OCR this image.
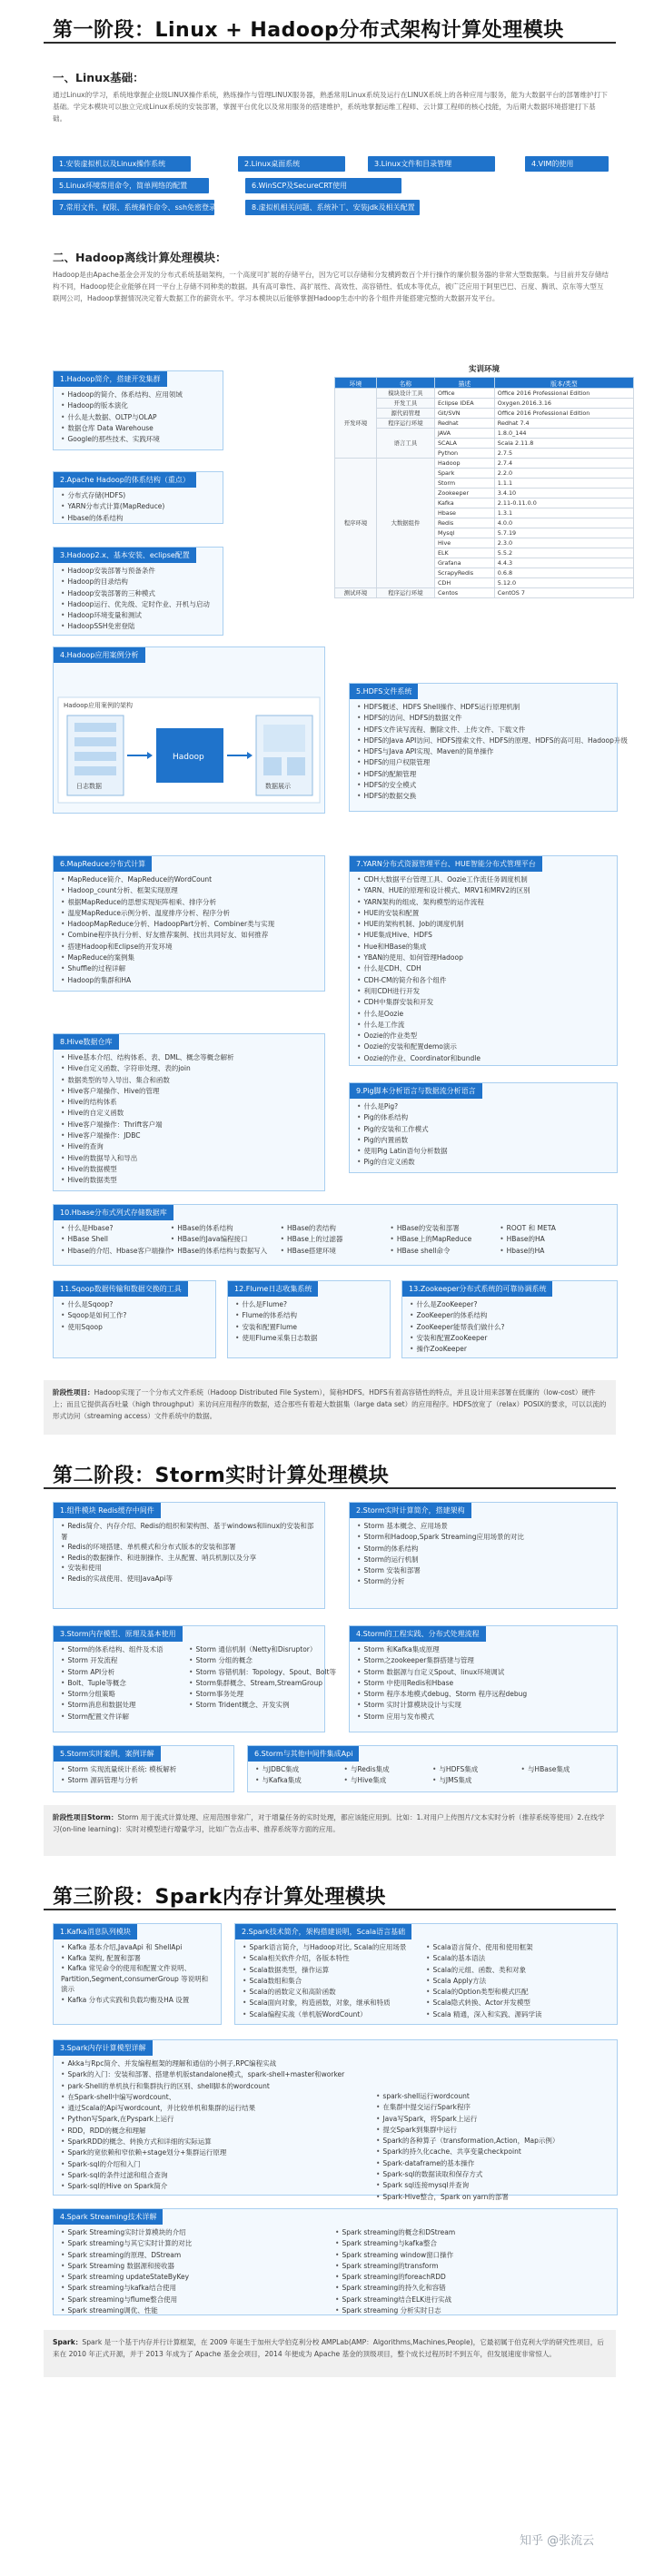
第一阶段：Linux + Hadoop分布式架构计算处理模块
一、Linux基础：
通过Linux的学习，系统地掌握企业级LINUX操作系统，熟练操作与管理LINUX服务器，熟悉常用Linux系统及运行在LINUX系统上的各种应用与服务，能为大数据平台的部署维护打下基础。学完本模块可以独立完成Linux系统的安装部署，掌握平台优化以及常用服务的搭建维护，系统地掌握运维工程师、云计算工程师的核心技能，为后期大数据环境搭建打下基础。
1.安装虚拟机以及Linux操作系统	2.Linux桌面系统	3.Linux文件和目录管理	4.VIM的使用
5.Linux环境常用命令，简单网络的配置	6.WinSCP及SecureCRT使用
7.常用文件、权限、系统操作命令、ssh免密登录	8.虚拟机相关问题、系统补丁、安装jdk及相关配置
二、Hadoop离线计算处理模块：
Hadoop是由Apache基金会开发的分布式系统基础架构，一个高度可扩展的存储平台，因为它可以存储和分发横跨数百个并行操作的廉价服务器的非常大型数据集。与目前并发存储结构不同，Hadoop使企业能够在同一平台上存储不同种类的数据。具有高可靠性、高扩展性、高效性、高容错性、低成本等优点，被广泛应用于阿里巴巴、百度、腾讯、京东等大型互联网公司，Hadoop掌握情况决定着大数据工作的薪资水平。学习本模块以后能够掌握Hadoop生态中的各个组件并能搭建完整的大数据开发平台。
实训环境
环境	名称	描述	版本/类型
开发环境	模块设计工具	Office	Office 2016 Professional Edition
	开发工具	Eclipse IDEA	Oxygen.2016.3.16
	源代码管理	Git/SVN	Office 2016 Professional Edition
	程序运行环境	Redhat	Redhat 7.4
	语言工具	JAVA	1.8.0_144
		SCALA	Scala 2.11.8
		Python	2.7.5
程序环境	大数据组件	Hadoop	2.7.4
		Spark	2.2.0
		Storm	1.1.1
		Zookeeper	3.4.10
		Kafka	2.11-0.11.0.0
		Hbase	1.3.1
		Redis	4.0.0
		Mysql	5.7.19
		Hive	2.3.0
		ELK	5.5.2
		Grafana	4.4.3
		ScrapyRedis	0.6.8
		CDH	5.12.0
测试环境	程序运行环境	Centos	CentOS 7
1.Hadoop简介，搭建开发集群
• Hadoop的简介、体系结构、应用领域
• Hadoop的版本演化
• 什么是大数据、OLTP与OLAP
• 数据仓库 Data Warehouse
• Google的那些技术、实践环境
2.Apache Hadoop的体系结构（重点）
• 分布式存储(HDFS)
• YARN分布式计算(MapReduce)
• Hbase的体系结构
3.Hadoop2.x、基本安装、eclipse配置
• Hadoop安装部署与预备条件
• Hadoop的目录结构
• Hadoop安装部署的三种模式
• Hadoop运行、优先级、定时作业、开机与启动
• Hadoop环境变量和测试
• HadoopSSH免密登陆
4.Hadoop应用案例分析
Hadoop应用案例的架构
日志数据
Hadoop
数据展示
5.HDFS文件系统
• HDFS概述、HDFS Shell操作、HDFS运行原理机制
• HDFS的访问、HDFS的数据文件
• HDFS文件读写流程、删除文件、上传文件、下载文件
• HDFS的Java API访问、HDFS搜索文件、HDFS的原理、HDFS的高可用、Hadoop升级
• HDFS与Java API实现、Maven的简单操作
• HDFS的用户权限管理
• HDFS的配额管理
• HDFS的安全模式
• HDFS的数据交换
6.MapReduce分布式计算
• MapReduce简介、MapReduce的WordCount
• Hadoop_count分析、框架实现原理
• 根据MapReduce的思想实现矩阵相乘、排序分析
• 温度MapReduce示例分析、温度排序分析、程序分析
• HadoopMapReduce分析、HadoopPart分析、Combiner类与实现
• Combine程序执行分析、好友推荐案例、找出共同好友、如何推荐
• 搭建Hadoop和Eclipse的开发环境
• MapReduce的案例集
• Shuffle的过程详解
• Hadoop的集群和HA
7.YARN分布式资源管理平台、HUE智能分布式管理平台
• CDH大数据平台管理工具、Oozie工作流任务调度机制
• YARN、HUE的原理和设计模式、MRV1和MRV2的区别
• YARN架构的组成、架构模型的运作流程
• HUE的安装和配置
• HUE的架构机制、Job的调度机制
• HUE集成Hive、HDFS
• Hue和HBase的集成
• YBAN的使用、如何管理Hadoop
• 什么是CDH、CDH
• CDH-CM的简介和各个组件
• 利用CDH进行开发
• CDH中集群安装和开发
• 什么是Oozie
• 什么是工作流
• Oozie的作业类型
• Oozie的安装和配置demo演示
• Oozie的作业、Coordinator和bundle
8.Hive数据仓库
• Hive基本介绍、结构体系、表、DML、概念等概念解析
• Hive自定义函数、字符串处理、表的join
• 数据类型的导入导出、集合和函数
• Hive客户端操作、Hive的管理
• Hive的结构体系
• Hive的自定义函数
• Hive客户端操作：Thrift客户端
• Hive客户端操作：JDBC
• Hive的查询
• Hive的数据导入和导出
• Hive的数据模型
• Hive的数据类型
9.Pig脚本分析语言与数据流分析语言
• 什么是Pig?
• Pig的体系结构
• Pig的安装和工作模式
• Pig的内置函数
• 使用Pig Latin语句分析数据
• Pig的自定义函数
10.Hbase分布式列式存储数据库
• 什么是Hbase?
• HBase Shell
• Hbase的介绍、Hbase客户端操作
• HBase的体系结构
• HBase的Java编程接口
• HBase的体系结构与数据写入
• HBase的表结构
• HBase上的过滤器
• HBase搭建环境
• HBase的安装和部署
• HBase上的MapReduce
• HBase shell命令
• ROOT 和 META
• HBase的HA
• Hbase的HA
11.Sqoop数据传输和数据交换的工具
• 什么是Sqoop?
• Sqoop是如何工作?
• 使用Sqoop
12.Flume日志收集系统
• 什么是Flume?
• Flume的体系结构
• 安装和配置Flume
• 使用Flume采集日志数据
13.Zookeeper分布式系统的可靠协调系统
• 什么是ZooKeeper?
• ZooKeeper的体系结构
• ZooKeeper能帮我们做什么?
• 安装和配置ZooKeeper
• 操作ZooKeeper
阶段性项目：Hadoop实现了一个分布式文件系统（Hadoop Distributed File System），简称HDFS。HDFS有着高容错性的特点，并且设计用来部署在低廉的（low-cost）硬件上；而且它提供高吞吐量（high throughput）来访问应用程序的数据，适合那些有着超大数据集（large data set）的应用程序。HDFS放宽了（relax）POSIX的要求，可以以流的形式访问（streaming access）文件系统中的数据。
第二阶段：Storm实时计算处理模块
1.组件模块 Redis缓存中间件
• Redis简介、内存介绍、Redis的组织和架构图、基于windows和linux的安装和部署
• Redis的环境搭建、单机模式和分布式版本的安装和部署
• Redis的数据操作、和进制操作、主从配置、哨兵机制以及分享
• 安装和使用
• Redis的实战使用、使用JavaApi等
2.Storm实时计算简介，搭建架构
• Storm 基本概念、应用场景
• Storm和Hadoop,Spark Streaming应用场景的对比
• Storm的体系结构
• Storm的运行机制
• Storm 安装和部署
• Storm的分析
3.Storm内存模型、原理及基本使用
• Storm的体系结构、组件及术语
• Storm 开发流程
• Storm API分析
• Bolt、Tuple等概念
• Storm分组策略
• Storm消息和数据处理
• Storm配置文件详解
• Storm 通信机制（Netty和Disruptor）
• Storm 分组的概念
• Storm 容错机制：Topology、Spout、Bolt等
• Storm集群概念、Stream,StreamGroup
• Storm事务处理
• Storm Trident概念、开发实例
4.Storm的工程实践、分布式处理流程
• Storm 和Kafka集成原理
• Storm之zookeeper集群搭建与管理
• Storm 数据源与自定义Spout、linux环境调试
• Storm 中使用Redis和Hbase
• Storm 程序本地模式debug、Storm 程序远程debug
• Storm 实时计算模块设计与实现
• Storm 应用与发布模式
5.Storm实时案例，案例详解
• Storm 实现流量统计系统: 模板解析
• Storm 源码管理与分析
6.Storm与其他中间件集成Api
• 与JDBC集成	• 与Redis集成	• 与HDFS集成	• 与HBase集成
• 与Kafka集成	• 与Hive集成	• 与JMS集成
阶段性项目Storm：Storm 用于流式计算处理、应用范围非常广，对于增量任务的实时处理，都应该能应用到。比如：1.对用户上传图片/文本实时分析（推荐系统等使用）2.在线学习(on-line learning)：实时对模型进行增量学习，比如广告点击率、推荐系统等方面的应用。
第三阶段：Spark内存计算处理模块
1.Kafka消息队列模块
• Kafka 基本介绍,JavaApi 和 ShellApi
• Kafka 架构, 配置和部署
• Kafka 常见命令的使用和配置文件说明、Partition,Segment,consumerGroup 等说明和演示
• Kafka 分布式实践和负载均衡及HA 设置
2.Spark技术简介，架构搭建说明，Scala语言基础
• Spark语言简介，与Hadoop对比, Scala的应用场景
• Scala相关软件介绍，各版本特性
• Scala数据类型，操作运算
• Scala数组和集合
• Scala的函数定义和高阶函数
• Scala面向对象，构造函数，对象，继承和特质
• Scala编程实战（单机版WordCount）
• Scala语言简介、使用和使用框架
• Scala的基本语法
• Scala的元组、函数、类和对象
• Scala Apply方法
• Scala的Option类型和模式匹配
• Scala隐式转换、Actor并发模型
• Scala 精通，深入和实践、源码学读
3.Spark内存计算模型详解
• Akka与Rpc简介、并发编程框架的理解和通信的小例子,RPC编程实战
• Spark的入门：安装和部署、搭建单机版standalone模式，spark-shell+master和worker
• park-Shell的单机执行和集群执行的区别、shell脚本的wordcount
• 在Spark-shell中编写wordcount、
• 通过Scala的Api写wordcount，并比较单机和集群的运行结果
• Python写Spark,在Pyspark上运行
• RDD，RDD的概念和理解
• SparkRDD的概念、转换方式和详细的实际运算
• Spark的宽依赖和窄依赖+stage划分+集群运行原理
• Spark-sql的介绍和入门
• Spark-sql的条件过滤和组合查询
• Spark-sql的Hive on Spark简介
• spark-shell运行wordcount
• 在集群中提交运行Spark程序
• Java写Spark，将Spark上运行
• 提交Spark到集群中运行
• Spark的各种算子（transformation,Action，Map示例）
• Spark的持久化cache、共享变量checkpoint
• Spark-dataframe的基本操作
• Spark-sql的数据读取和保存方式
• Spark sql连接mysql并查询
• Spark-Hive整合，Spark on yarn的部署
4.Spark Streaming技术详解
• Spark Streaming实时计算模块的介绍
• Spark streaming与其它实时计算的对比
• Spark streaming的原理、DStream
• Spark Streaming 数据源和接收器
• Spark streaming updateStateByKey
• Spark streaming与kafka结合使用
• Spark streaming与flume整合使用
• Spark streaming调优、性能
• Spark streaming的概念和DStream
• Spark streaming与kafka整合
• Spark streaming window窗口操作
• Spark streaming的transform
• Spark streaming的foreachRDD
• Spark streaming的持久化和容错
• Spark streaming结合ELK进行实战
• Spark streaming 分析实时日志
Spark：Spark 是一个基于内存并行计算框架，在 2009 年诞生于加州大学伯克利分校 AMPLab(AMP：Algorithms,Machines,People)，它最初属于伯克利大学的研究性项目，后来在 2010 年正式开源，并于 2013 年成为了 Apache 基金会项目，2014 年便成为 Apache 基金的顶级项目，整个成长过程历时不到五年，但发展速度非常惊人。
知乎 @张流云
